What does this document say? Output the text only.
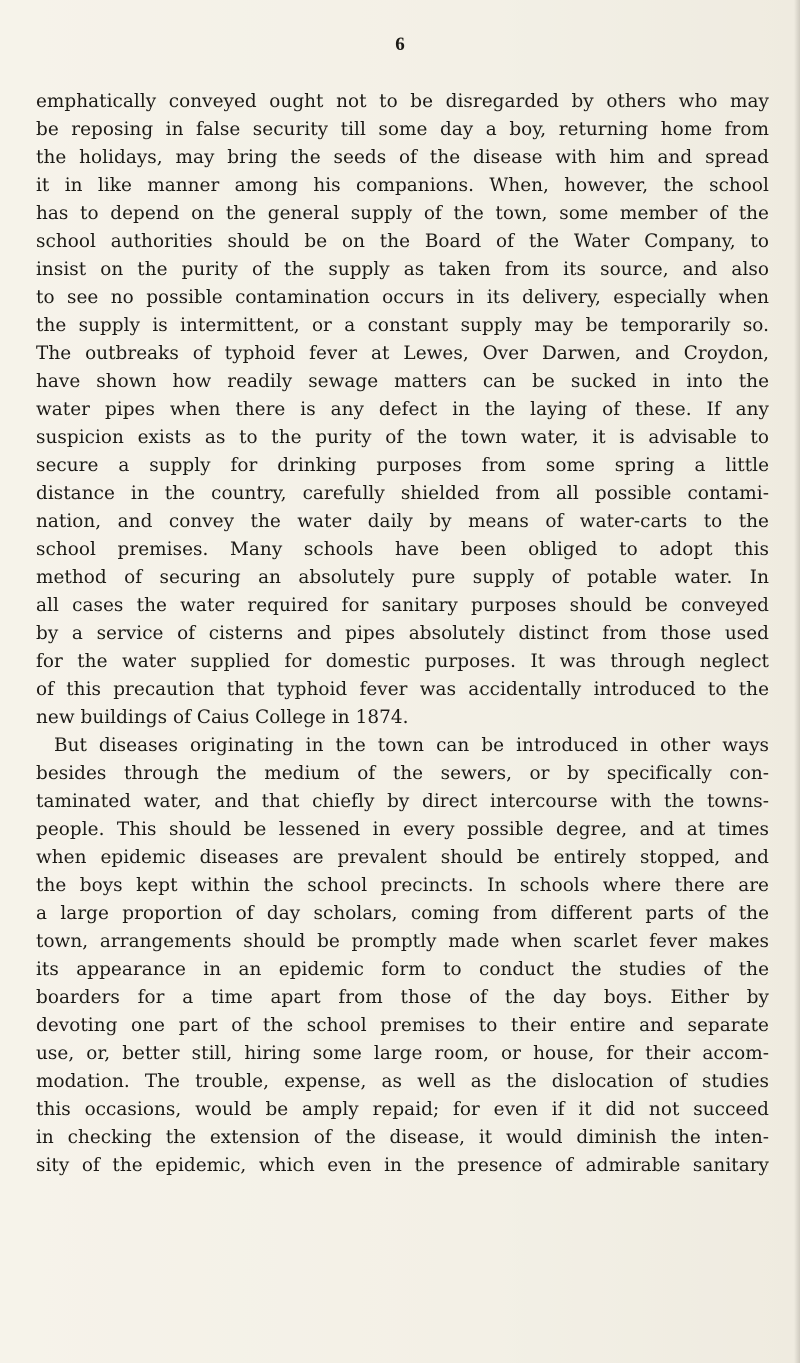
6
emphatically conveyed ought not to be disregarded by others who may
be reposing in false security till some day a boy, returning home from
the holidays, may bring the seeds of the disease with him and spread
it in like manner among his companions. When, however, the school
has to depend on the general supply of the town, some member of the
school authorities should be on the Board of the Water Company, to
insist on the purity of the supply as taken from its source, and also
to see no possible contamination occurs in its delivery, especially when
the supply is intermittent, or a constant supply may be temporarily so.
The outbreaks of typhoid fever at Lewes, Over Darwen, and Croydon,
have shown how readily sewage matters can be sucked in into the
water pipes when there is any defect in the laying of these. If any
suspicion exists as to the purity of the town water, it is advisable to
secure a supply for drinking purposes from some spring a little
distance in the country, carefully shielded from all possible contami-
nation, and convey the water daily by means of water-carts to the
school premises. Many schools have been obliged to adopt this
method of securing an absolutely pure supply of potable water. In
all cases the water required for sanitary purposes should be conveyed
by a service of cisterns and pipes absolutely distinct from those used
for the water supplied for domestic purposes. It was through neglect
of this precaution that typhoid fever was accidentally introduced to the
new buildings of Caius College in 1874.
But diseases originating in the town can be introduced in other ways
besides through the medium of the sewers, or by specifically con-
taminated water, and that chiefly by direct intercourse with the towns-
people. This should be lessened in every possible degree, and at times
when epidemic diseases are prevalent should be entirely stopped, and
the boys kept within the school precincts. In schools where there are
a large proportion of day scholars, coming from different parts of the
town, arrangements should be promptly made when scarlet fever makes
its appearance in an epidemic form to conduct the studies of the
boarders for a time apart from those of the day boys. Either by
devoting one part of the school premises to their entire and separate
use, or, better still, hiring some large room, or house, for their accom-
modation. The trouble, expense, as well as the dislocation of studies
this occasions, would be amply repaid; for even if it did not succeed
in checking the extension of the disease, it would diminish the inten-
sity of the epidemic, which even in the presence of admirable sanitary
